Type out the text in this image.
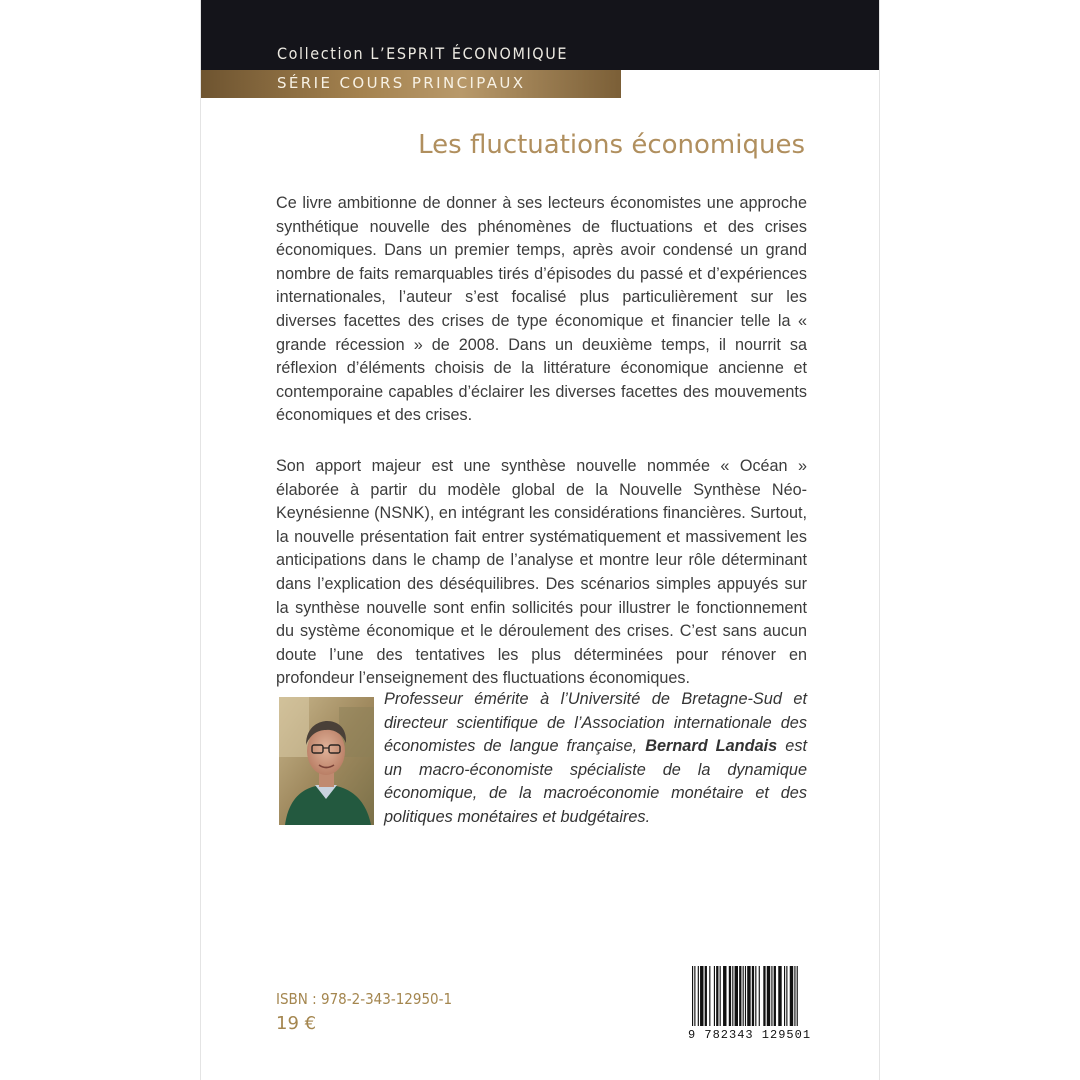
Collection L’ESPRIT ÉCONOMIQUE
SÉRIE COURS PRINCIPAUX
Les fluctuations économiques

Ce livre ambitionne de donner à ses lecteurs économistes une approche synthétique nouvelle des phénomènes de fluctuations et des crises économiques. Dans un premier temps, après avoir condensé un grand nombre de faits remarquables tirés d’épisodes du passé et d’expériences internationales, l’auteur s’est focalisé plus particulièrement sur les diverses facettes des crises de type économique et financier telle la « grande récession » de 2008. Dans un deuxième temps, il nourrit sa réflexion d’éléments choisis de la littérature économique ancienne et contemporaine capables d’éclairer les diverses facettes des mouvements économiques et des crises.

Son apport majeur est une synthèse nouvelle nommée « Océan » élaborée à partir du modèle global de la Nouvelle Synthèse Néo-Keynésienne (NSNK), en intégrant les considérations financières. Surtout, la nouvelle présentation fait entrer systématiquement et massivement les anticipations dans le champ de l’analyse et montre leur rôle déterminant dans l’explication des déséquilibres. Des scénarios simples appuyés sur la synthèse nouvelle sont enfin sollicités pour illustrer le fonctionnement du système économique et le déroulement des crises. C’est sans aucun doute l’une des tentatives les plus déterminées pour rénover en profondeur l’enseignement des fluctuations économiques.

Professeur émérite à l’Université de Bretagne-Sud et directeur scientifique de l’Association internationale des économistes de langue française, Bernard Landais est un macro-économiste spécialiste de la dynamique économique, de la macroéconomie monétaire et des politiques monétaires et budgétaires.

ISBN : 978-2-343-12950-1
19 €
9 782343 129501
